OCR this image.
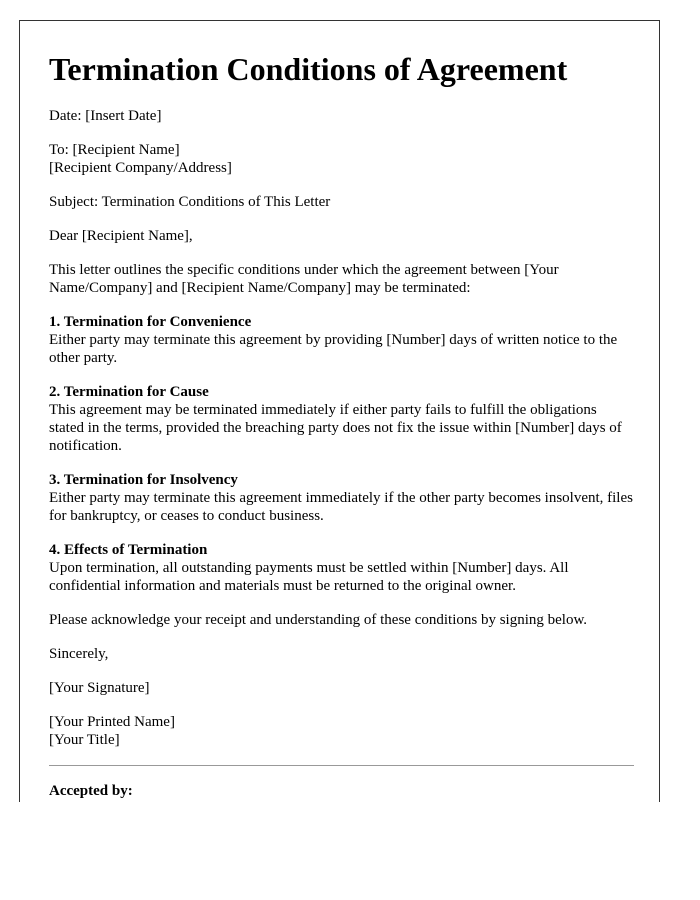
Termination Conditions of Agreement

Date: [Insert Date]

To: [Recipient Name]
[Recipient Company/Address]

Subject: Termination Conditions of This Letter

Dear [Recipient Name],

This letter outlines the specific conditions under which the agreement between [Your Name/Company] and [Recipient Name/Company] may be terminated:

1. Termination for Convenience
Either party may terminate this agreement by providing [Number] days of written notice to the other party.

2. Termination for Cause
This agreement may be terminated immediately if either party fails to fulfill the obligations stated in the terms, provided the breaching party does not fix the issue within [Number] days of notification.

3. Termination for Insolvency
Either party may terminate this agreement immediately if the other party becomes insolvent, files for bankruptcy, or ceases to conduct business.

4. Effects of Termination
Upon termination, all outstanding payments must be settled within [Number] days. All confidential information and materials must be returned to the original owner.

Please acknowledge your receipt and understanding of these conditions by signing below.

Sincerely,

[Your Signature]

[Your Printed Name]
[Your Title]

Accepted by:
